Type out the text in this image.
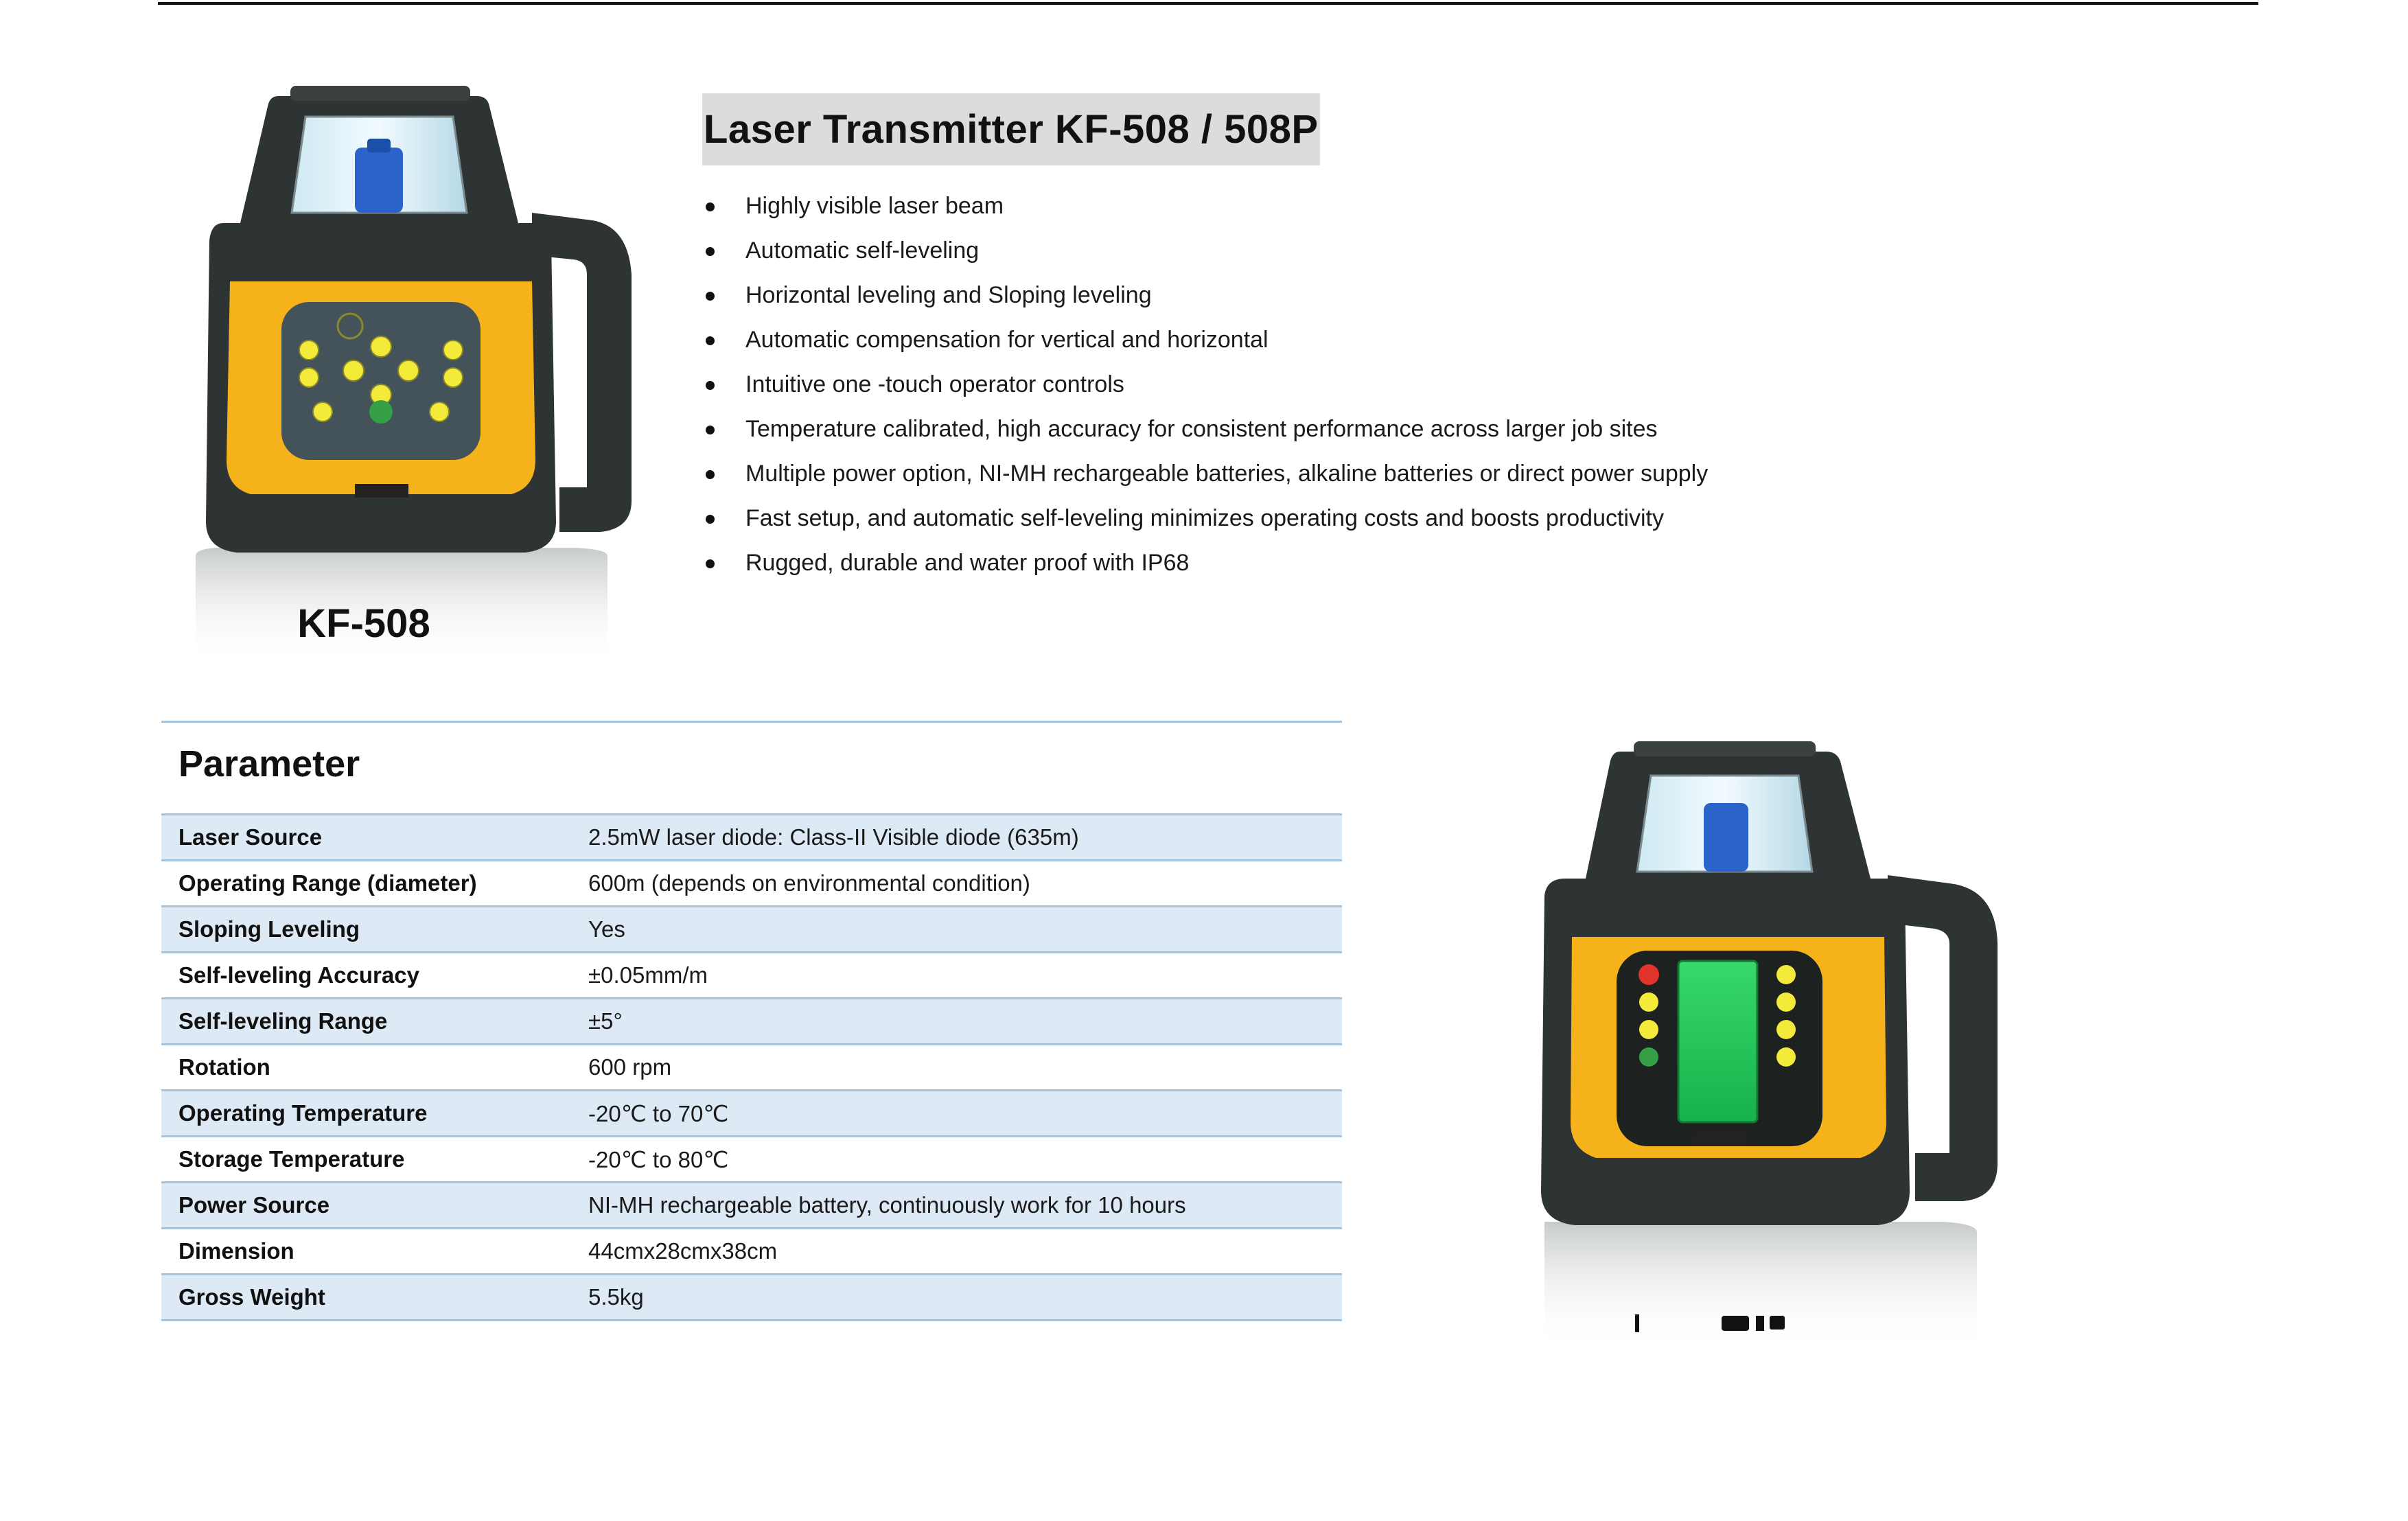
KF-508
Laser Transmitter KF-508 / 508P
Highly visible laser beam
Automatic self-leveling
Horizontal leveling and Sloping leveling
Automatic compensation for vertical and horizontal
Intuitive one -touch operator controls
Temperature calibrated, high accuracy for consistent performance across larger job sites
Multiple power option, NI-MH rechargeable batteries, alkaline batteries or direct power supply
Fast setup, and automatic self-leveling minimizes operating costs and boosts productivity
Rugged, durable and water proof with IP68
Parameter
Laser Source	2.5mW laser diode: Class-II Visible diode (635m)
Operating Range (diameter)	600m (depends on environmental condition)
Sloping Leveling	Yes
Self-leveling Accuracy	±0.05mm/m
Self-leveling Range	±5°
Rotation	600 rpm
Operating Temperature	-20℃ to 70℃
Storage Temperature	-20℃ to 80℃
Power Source	NI-MH rechargeable battery, continuously work for 10 hours
Dimension	44cmx28cmx38cm
Gross Weight	5.5kg
